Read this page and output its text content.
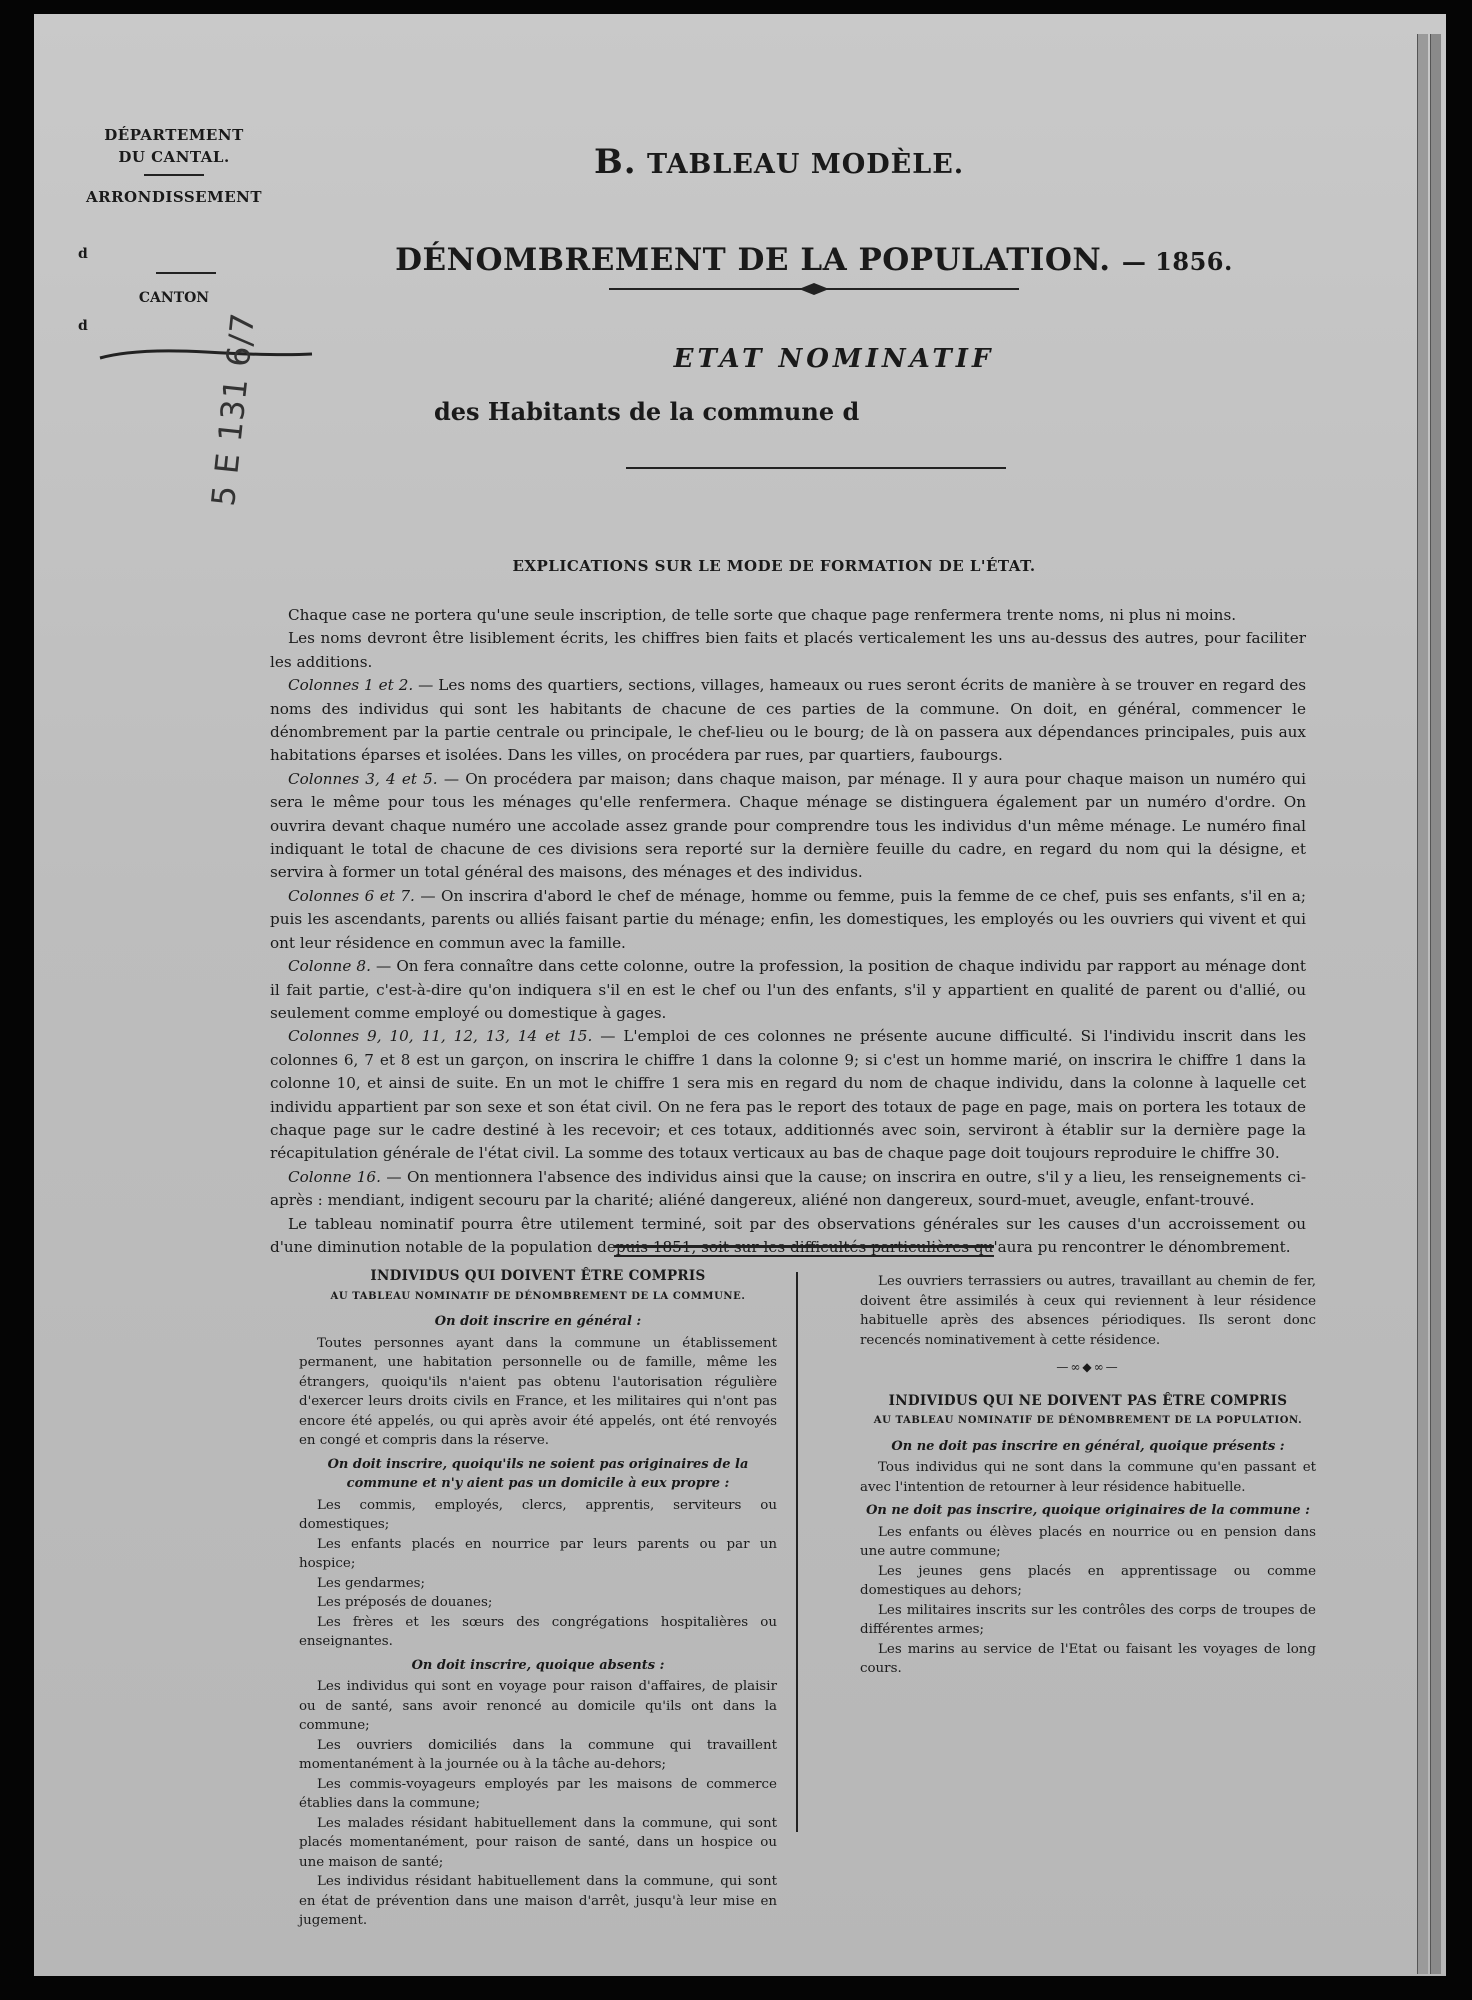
DÉPARTEMENT
DU CANTAL.
ARRONDISSEMENT
d
CANTON
d
B. TABLEAU MODÈLE.
DÉNOMBREMENT DE LA POPULATION. — 1856.
ETAT NOMINATIF
des Habitants de la commune d
5 E 131 6/7
EXPLICATIONS SUR LE MODE DE FORMATION DE L'ÉTAT.

Chaque case ne portera qu'une seule inscription, de telle sorte que chaque page renfermera trente noms, ni plus ni moins.

Les noms devront être lisiblement écrits, les chiffres bien faits et placés verticalement les uns au-dessus des autres, pour faciliter les additions.

Colonnes 1 et 2. — Les noms des quartiers, sections, villages, hameaux ou rues seront écrits de manière à se trouver en regard des noms des individus qui sont les habitants de chacune de ces parties de la commune. On doit, en général, commencer le dénombrement par la partie centrale ou principale, le chef-lieu ou le bourg; de là on passera aux dépendances principales, puis aux habitations éparses et isolées. Dans les villes, on procédera par rues, par quartiers, faubourgs.

Colonnes 3, 4 et 5. — On procédera par maison; dans chaque maison, par ménage. Il y aura pour chaque maison un numéro qui sera le même pour tous les ménages qu'elle renfermera. Chaque ménage se distinguera également par un numéro d'ordre. On ouvrira devant chaque numéro une accolade assez grande pour comprendre tous les individus d'un même ménage. Le numéro final indiquant le total de chacune de ces divisions sera reporté sur la dernière feuille du cadre, en regard du nom qui la désigne, et servira à former un total général des maisons, des ménages et des individus.

Colonnes 6 et 7. — On inscrira d'abord le chef de ménage, homme ou femme, puis la femme de ce chef, puis ses enfants, s'il en a; puis les ascendants, parents ou alliés faisant partie du ménage; enfin, les domestiques, les employés ou les ouvriers qui vivent et qui ont leur résidence en commun avec la famille.

Colonne 8. — On fera connaître dans cette colonne, outre la profession, la position de chaque individu par rapport au ménage dont il fait partie, c'est-à-dire qu'on indiquera s'il en est le chef ou l'un des enfants, s'il y appartient en qualité de parent ou d'allié, ou seulement comme employé ou domestique à gages.

Colonnes 9, 10, 11, 12, 13, 14 et 15. — L'emploi de ces colonnes ne présente aucune difficulté. Si l'individu inscrit dans les colonnes 6, 7 et 8 est un garçon, on inscrira le chiffre 1 dans la colonne 9; si c'est un homme marié, on inscrira le chiffre 1 dans la colonne 10, et ainsi de suite. En un mot le chiffre 1 sera mis en regard du nom de chaque individu, dans la colonne à laquelle cet individu appartient par son sexe et son état civil. On ne fera pas le report des totaux de page en page, mais on portera les totaux de chaque page sur le cadre destiné à les recevoir; et ces totaux, additionnés avec soin, serviront à établir sur la dernière page la récapitulation générale de l'état civil. La somme des totaux verticaux au bas de chaque page doit toujours reproduire le chiffre 30.

Colonne 16. — On mentionnera l'absence des individus ainsi que la cause; on inscrira en outre, s'il y a lieu, les renseignements ci-après : mendiant, indigent secouru par la charité; aliéné dangereux, aliéné non dangereux, sourd-muet, aveugle, enfant-trouvé.

Le tableau nominatif pourra être utilement terminé, soit par des observations générales sur les causes d'un accroissement ou d'une diminution notable de la population depuis 1851, soit sur les difficultés particulières qu'aura pu rencontrer le dénombrement.

INDIVIDUS QUI DOIVENT ÊTRE COMPRIS
AU TABLEAU NOMINATIF DE DÉNOMBREMENT DE LA COMMUNE.
On doit inscrire en général :

Toutes personnes ayant dans la commune un établissement permanent, une habitation personnelle ou de famille, même les étrangers, quoiqu'ils n'aient pas obtenu l'autorisation régulière d'exercer leurs droits civils en France, et les militaires qui n'ont pas encore été appelés, ou qui après avoir été appelés, ont été renvoyés en congé et compris dans la réserve.

On doit inscrire, quoiqu'ils ne soient pas originaires de la commune et n'y aient pas un domicile à eux propre :

Les commis, employés, clercs, apprentis, serviteurs ou domestiques;

Les enfants placés en nourrice par leurs parents ou par un hospice;

Les gendarmes;

Les préposés de douanes;

Les frères et les sœurs des congrégations hospitalières ou enseignantes.

On doit inscrire, quoique absents :

Les individus qui sont en voyage pour raison d'affaires, de plaisir ou de santé, sans avoir renoncé au domicile qu'ils ont dans la commune;

Les ouvriers domiciliés dans la commune qui travaillent momentanément à la journée ou à la tâche au-dehors;

Les commis-voyageurs employés par les maisons de commerce établies dans la commune;

Les malades résidant habituellement dans la commune, qui sont placés momentanément, pour raison de santé, dans un hospice ou une maison de santé;

Les individus résidant habituellement dans la commune, qui sont en état de prévention dans une maison d'arrêt, jusqu'à leur mise en jugement.

Les ouvriers terrassiers ou autres, travaillant au chemin de fer, doivent être assimilés à ceux qui reviennent à leur résidence habituelle après des absences périodiques. Ils seront donc recencés nominativement à cette résidence.

—∞◆∞—
INDIVIDUS QUI NE DOIVENT PAS ÊTRE COMPRIS
AU TABLEAU NOMINATIF DE DÉNOMBREMENT DE LA POPULATION.
On ne doit pas inscrire en général, quoique présents :

Tous individus qui ne sont dans la commune qu'en passant et avec l'intention de retourner à leur résidence habituelle.

On ne doit pas inscrire, quoique originaires de la commune :

Les enfants ou élèves placés en nourrice ou en pension dans une autre commune;

Les jeunes gens placés en apprentissage ou comme domestiques au dehors;

Les militaires inscrits sur les contrôles des corps de troupes de différentes armes;

Les marins au service de l'Etat ou faisant les voyages de long cours.
